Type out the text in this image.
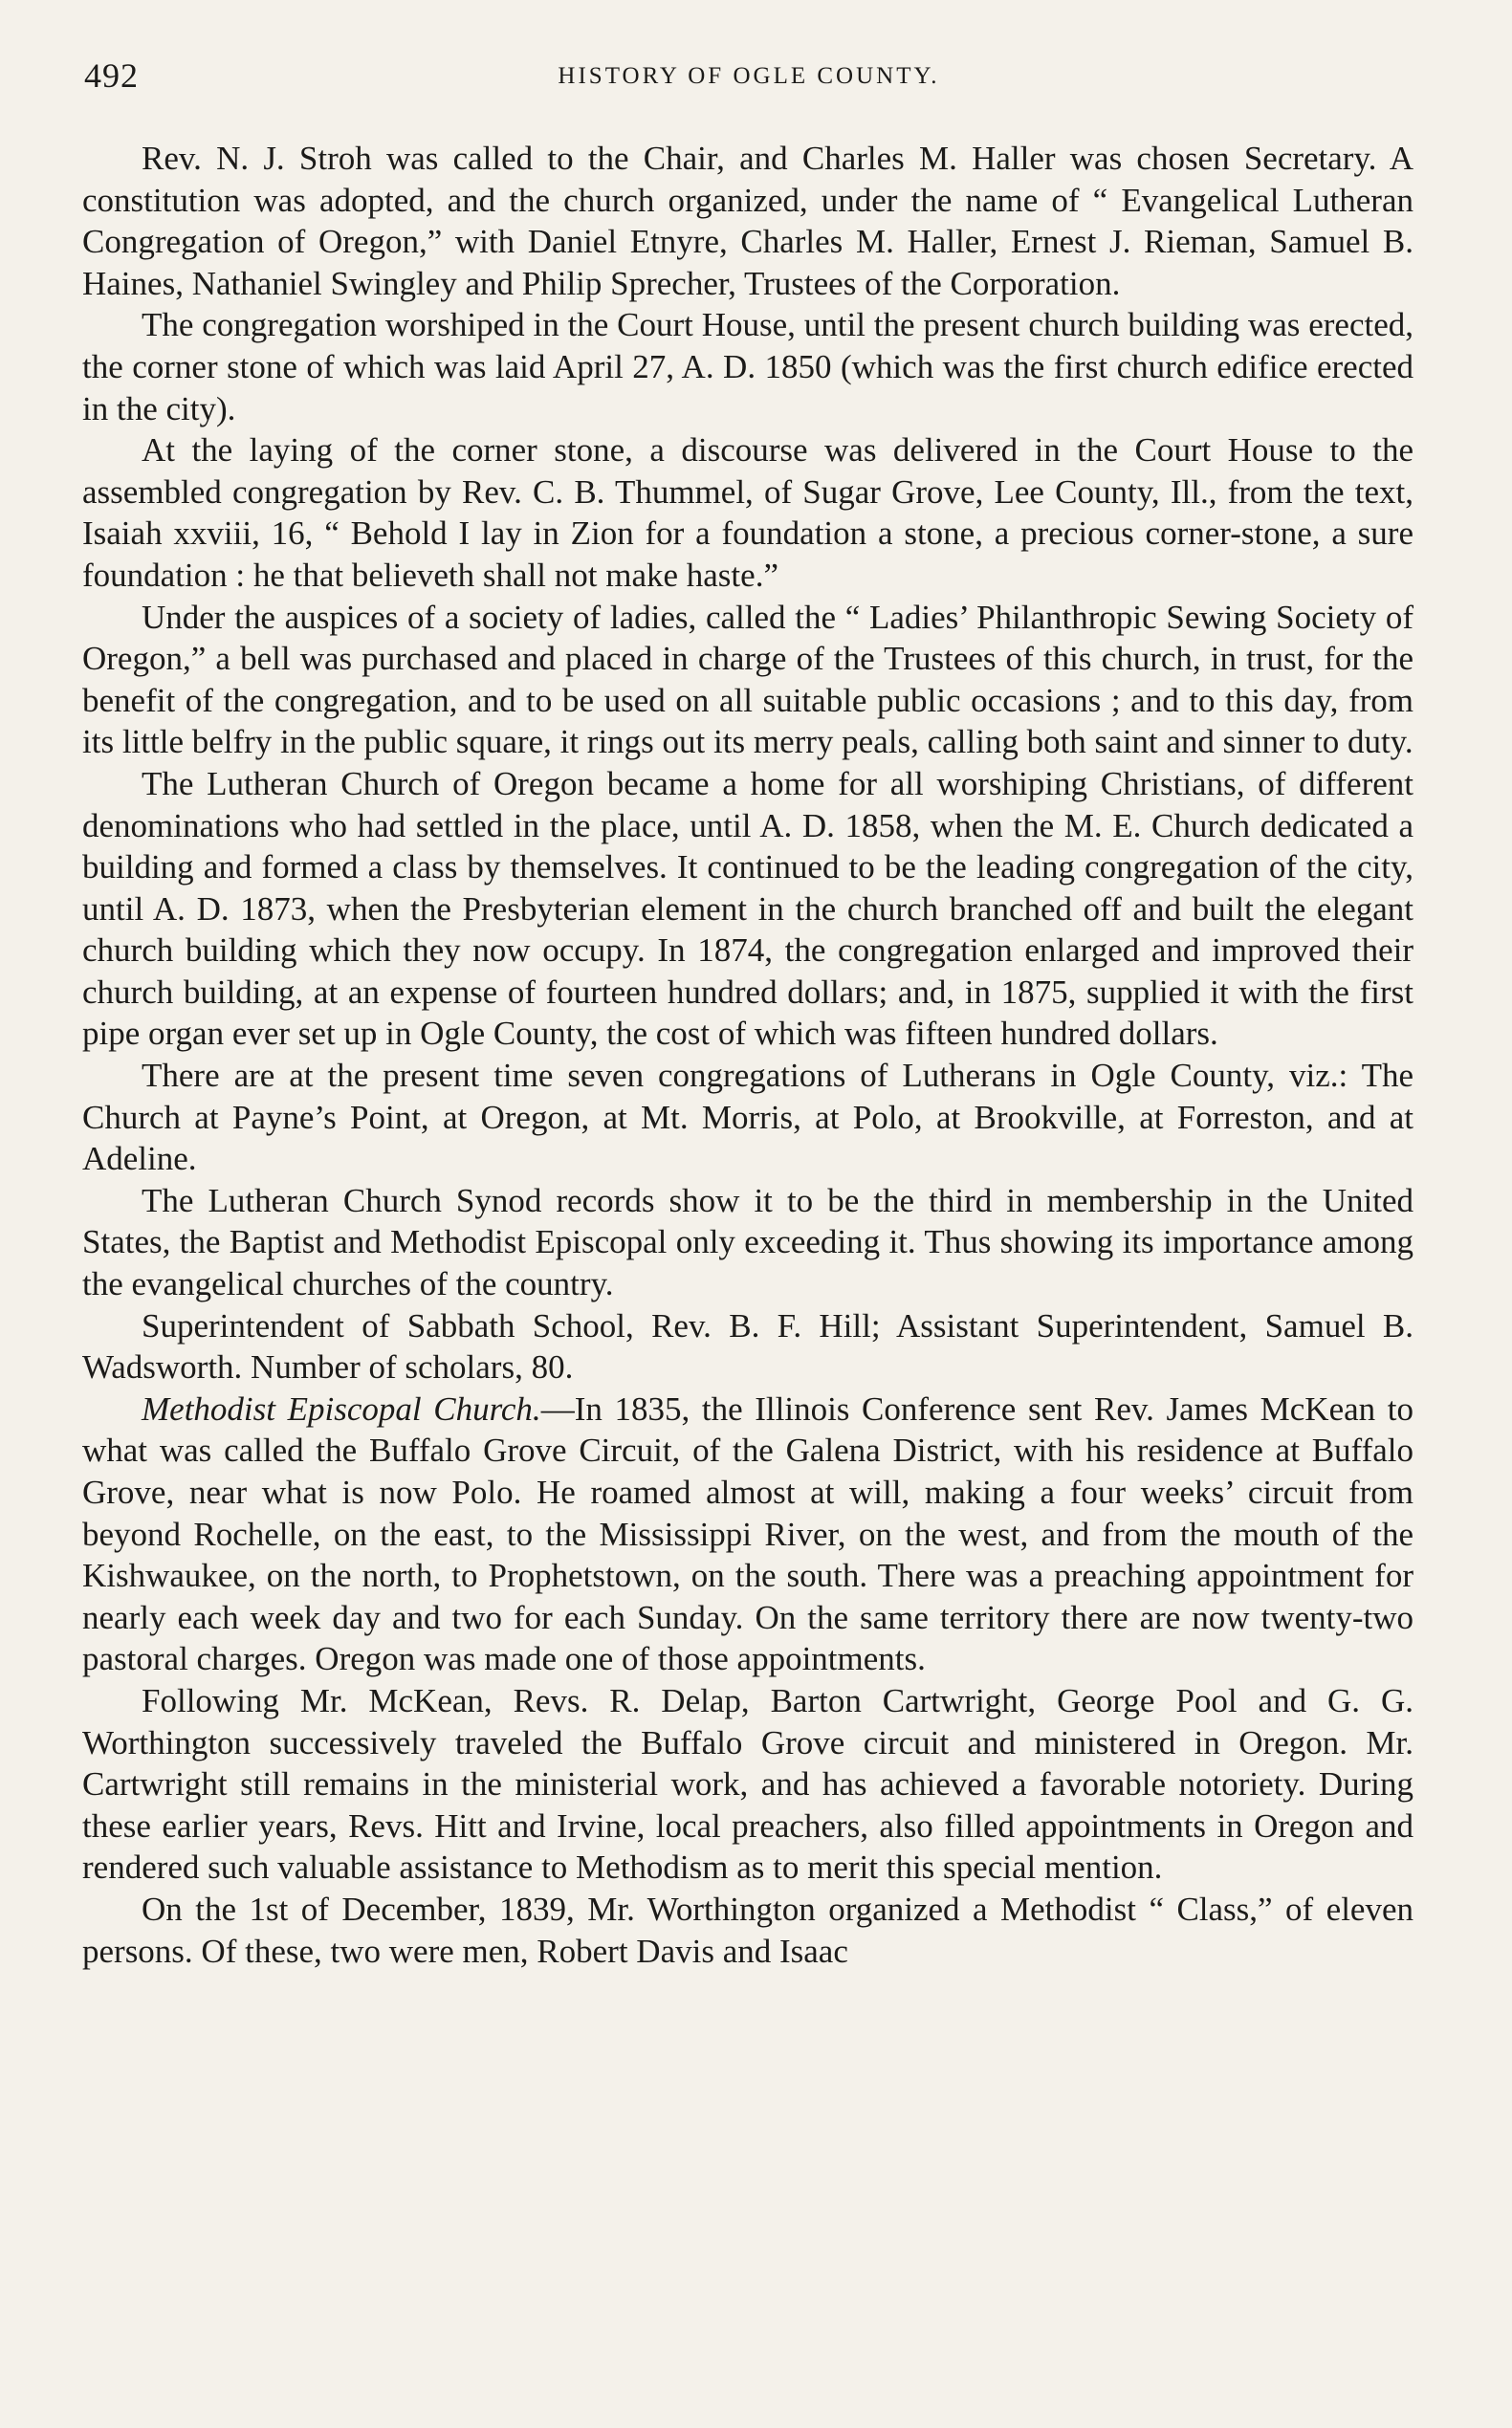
492	HISTORY OF OGLE COUNTY.

Rev. N. J. Stroh was called to the Chair, and Charles M. Haller was chosen Secretary. A constitution was adopted, and the church organized, under the name of “ Evangelical Lutheran Congregation of Oregon,” with Daniel Etnyre, Charles M. Haller, Ernest J. Rieman, Samuel B. Haines, Nathaniel Swingley and Philip Sprecher, Trustees of the Corporation.

The congregation worshiped in the Court House, until the present church building was erected, the corner stone of which was laid April 27, A. D. 1850 (which was the first church edifice erected in the city).

At the laying of the corner stone, a discourse was delivered in the Court House to the assembled congregation by Rev. C. B. Thummel, of Sugar Grove, Lee County, Ill., from the text, Isaiah xxviii, 16, “ Behold I lay in Zion for a foundation a stone, a precious corner-stone, a sure foundation : he that believeth shall not make haste.”

Under the auspices of a society of ladies, called the “ Ladies’ Philanthropic Sewing Society of Oregon,” a bell was purchased and placed in charge of the Trustees of this church, in trust, for the benefit of the congregation, and to be used on all suitable public occasions ; and to this day, from its little belfry in the public square, it rings out its merry peals, calling both saint and sinner to duty.

The Lutheran Church of Oregon became a home for all worshiping Christians, of different denominations who had settled in the place, until A. D. 1858, when the M. E. Church dedicated a building and formed a class by themselves. It continued to be the leading congregation of the city, until A. D. 1873, when the Presbyterian element in the church branched off and built the elegant church building which they now occupy. In 1874, the congregation enlarged and improved their church building, at an expense of fourteen hundred dollars; and, in 1875, supplied it with the first pipe organ ever set up in Ogle County, the cost of which was fifteen hundred dollars.

There are at the present time seven congregations of Lutherans in Ogle County, viz.: The Church at Payne’s Point, at Oregon, at Mt. Morris, at Polo, at Brookville, at Forreston, and at Adeline.

The Lutheran Church Synod records show it to be the third in membership in the United States, the Baptist and Methodist Episcopal only exceeding it. Thus showing its importance among the evangelical churches of the country.

Superintendent of Sabbath School, Rev. B. F. Hill; Assistant Superintendent, Samuel B. Wadsworth. Number of scholars, 80.

Methodist Episcopal Church.—In 1835, the Illinois Conference sent Rev. James McKean to what was called the Buffalo Grove Circuit, of the Galena District, with his residence at Buffalo Grove, near what is now Polo. He roamed almost at will, making a four weeks’ circuit from beyond Rochelle, on the east, to the Mississippi River, on the west, and from the mouth of the Kishwaukee, on the north, to Prophetstown, on the south. There was a preaching appointment for nearly each week day and two for each Sunday. On the same territory there are now twenty-two pastoral charges. Oregon was made one of those appointments.

Following Mr. McKean, Revs. R. Delap, Barton Cartwright, George Pool and G. G. Worthington successively traveled the Buffalo Grove circuit and ministered in Oregon. Mr. Cartwright still remains in the ministerial work, and has achieved a favorable notoriety. During these earlier years, Revs. Hitt and Irvine, local preachers, also filled appointments in Oregon and rendered such valuable assistance to Methodism as to merit this special mention.

On the 1st of December, 1839, Mr. Worthington organized a Methodist “ Class,” of eleven persons. Of these, two were men, Robert Davis and Isaac
